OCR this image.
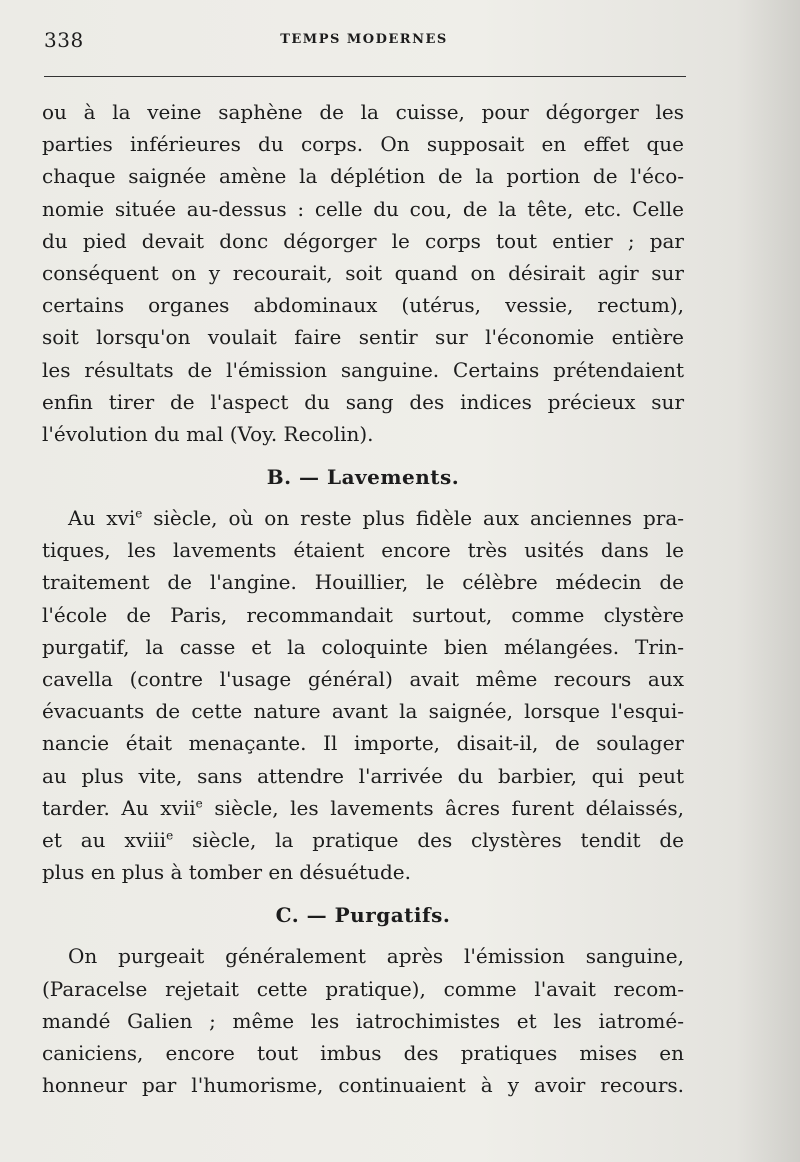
338	TEMPS MODERNES
ou à la veine saphène de la cuisse, pour dégorger les
parties inférieures du corps. On supposait en effet que
chaque saignée amène la déplétion de la portion de l'éco-
nomie située au-dessus : celle du cou, de la tête, etc. Celle
du pied devait donc dégorger le corps tout entier ; par
conséquent on y recourait, soit quand on désirait agir sur
certains organes abdominaux (utérus, vessie, rectum),
soit lorsqu'on voulait faire sentir sur l'économie entière
les résultats de l'émission sanguine. Certains prétendaient
enfin tirer de l'aspect du sang des indices précieux sur
l'évolution du mal (Voy. Recolin).
B. — Lavements.
Au xvi$^e$ siècle, où on reste plus fidèle aux anciennes pra-
tiques, les lavements étaient encore très usités dans le
traitement de l'angine. Houillier, le célèbre médecin de
l'école de Paris, recommandait surtout, comme clystère
purgatif, la casse et la coloquinte bien mélangées. Trin-
cavella (contre l'usage général) avait même recours aux
évacuants de cette nature avant la saignée, lorsque l'esqui-
nancie était menaçante. Il importe, disait-il, de soulager
au plus vite, sans attendre l'arrivée du barbier, qui peut
tarder. Au xvii$^e$ siècle, les lavements âcres furent délaissés,
et au xviii$^e$ siècle, la pratique des clystères tendit de
plus en plus à tomber en désuétude.
C. — Purgatifs.
On purgeait généralement après l'émission sanguine,
(Paracelse rejetait cette pratique), comme l'avait recom-
mandé Galien ; même les iatrochimistes et les iatromé-
caniciens, encore tout imbus des pratiques mises en
honneur par l'humorisme, continuaient à y avoir recours.
